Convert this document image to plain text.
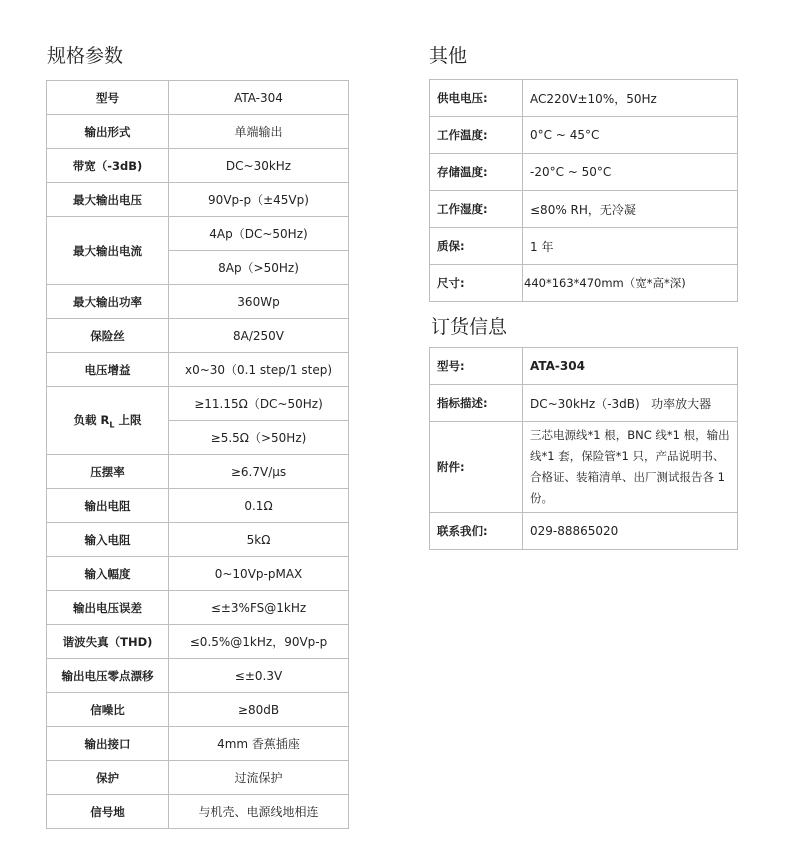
规格参数
型号	ATA-304
输出形式	单端输出
带宽（-3dB)	DC~30kHz
最大输出电压	90Vp-p（±45Vp)
最大输出电流	4Ap（DC~50Hz)
	8Ap（>50Hz)
最大输出功率	360Wp
保险丝	8A/250V
电压增益	x0~30（0.1 step/1 step)
负载 $R_L$ 上限	≥11.15Ω（DC~50Hz)
	≥5.5Ω（>50Hz)
压摆率	≥6.7V/μs
输出电阻	0.1Ω
输入电阻	5kΩ
输入幅度	0~10Vp-pMAX
输出电压误差	≤±3%FS@1kHz
谐波失真（THD)	≤0.5%@1kHz，90Vp-p
输出电压零点漂移	≤±0.3V
信噪比	≥80dB
输出接口	4mm 香蕉插座
保护	过流保护
信号地	与机壳、电源线地相连
其他
供电电压:	AC220V±10%，50Hz
工作温度:	0°C ~ 45°C
存储温度:	-20°C ~ 50°C
工作湿度:	≤80% RH，无冷凝
质保:	1 年
尺寸:	440*163*470mm（宽*高*深)
订货信息
型号:	ATA-304
指标描述:	DC~30kHz（-3dB)   功率放大器
附件:	三芯电源线*1 根，BNC 线*1 根，输出线*1 套，保险管*1 只，产品说明书、合格证、装箱清单、出厂测试报告各 1 份。
联系我们:	029-88865020
